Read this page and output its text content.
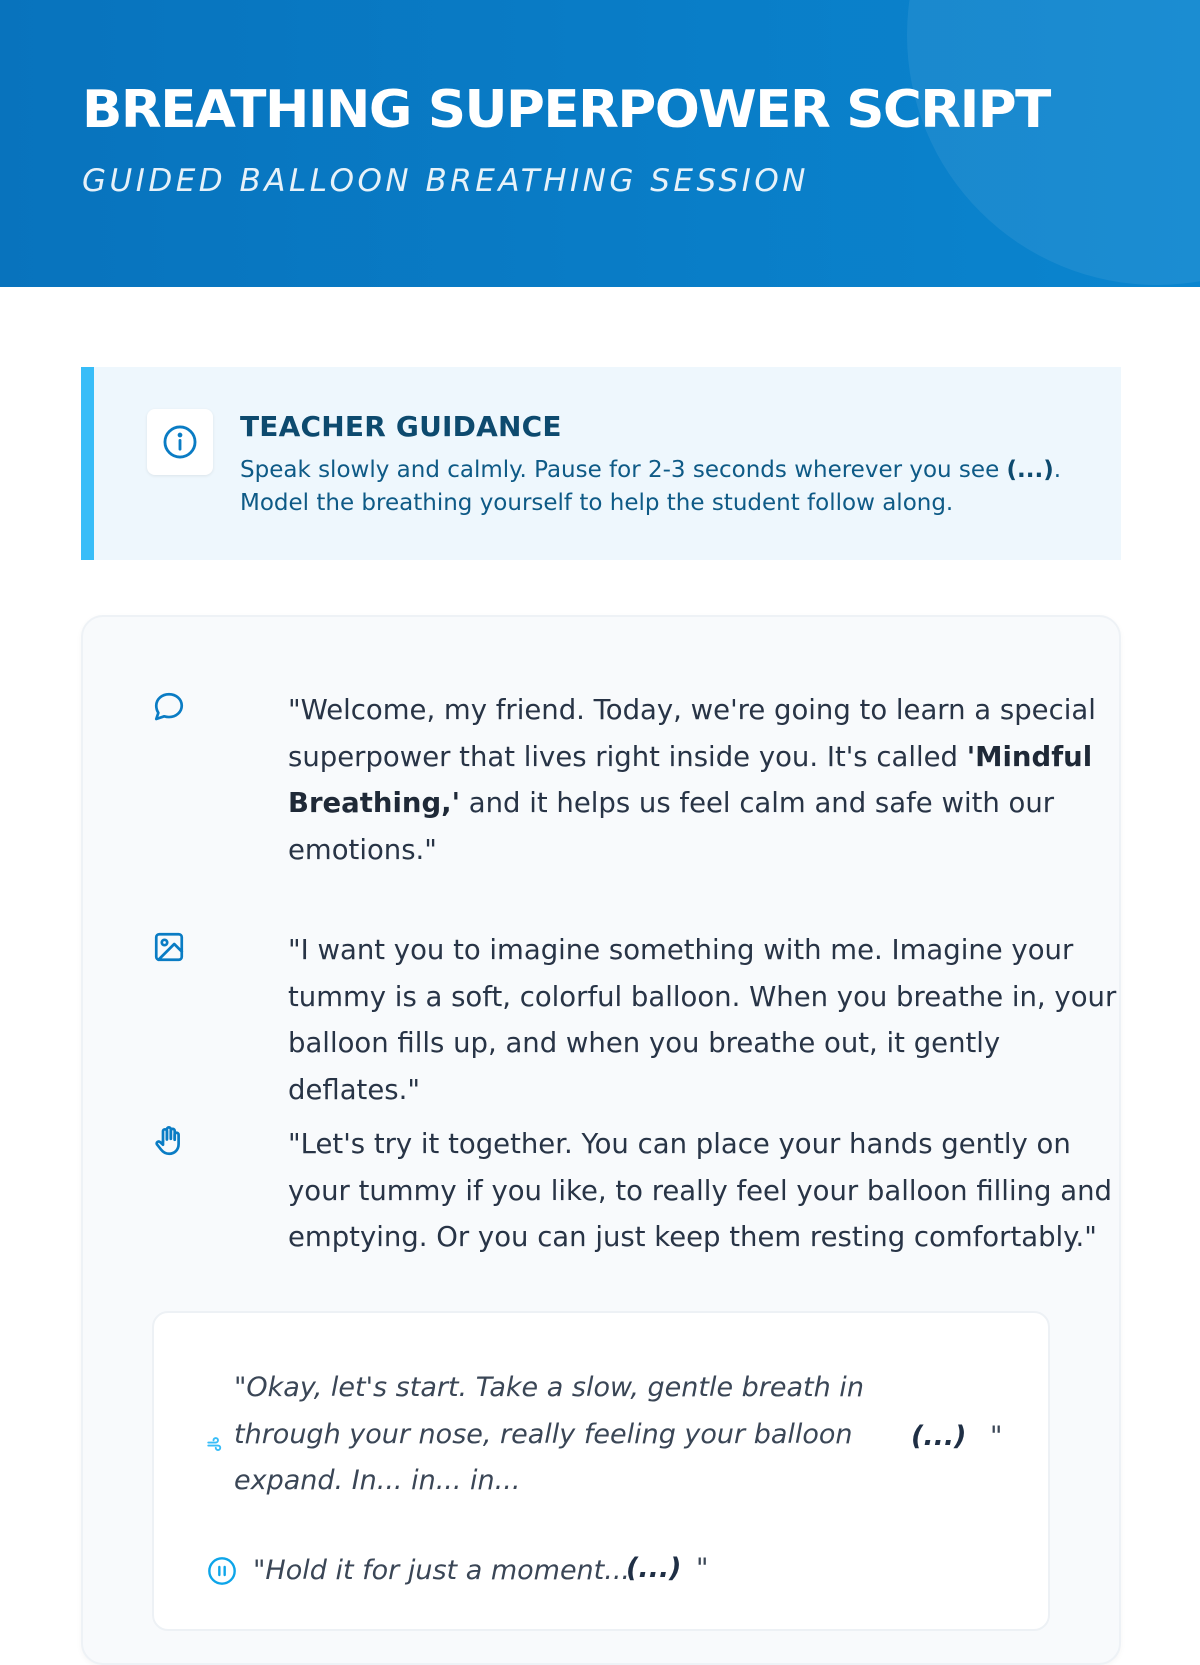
BREATHING SUPERPOWER SCRIPT

GUIDED BALLOON BREATHING SESSION

TEACHER GUIDANCE

Speak slowly and calmly. Pause for 2-3 seconds wherever you see (...). Model the breathing yourself to help the student follow along.

"Welcome, my friend. Today, we're going to learn a special superpower that lives right inside you. It's called 'Mindful Breathing,' and it helps us feel calm and safe with our emotions."

"I want you to imagine something with me. Imagine your tummy is a soft, colorful balloon. When you breathe in, your balloon fills up, and when you breathe out, it gently deflates."

"Let's try it together. You can place your hands gently on your tummy if you like, to really feel your balloon filling and emptying. Or you can just keep them resting comfortably."

"Okay, let's start. Take a slow, gentle breath in through your nose, really feeling your balloon expand. In... in... in...

(...) "

"Hold it for just a moment...

(...) "
